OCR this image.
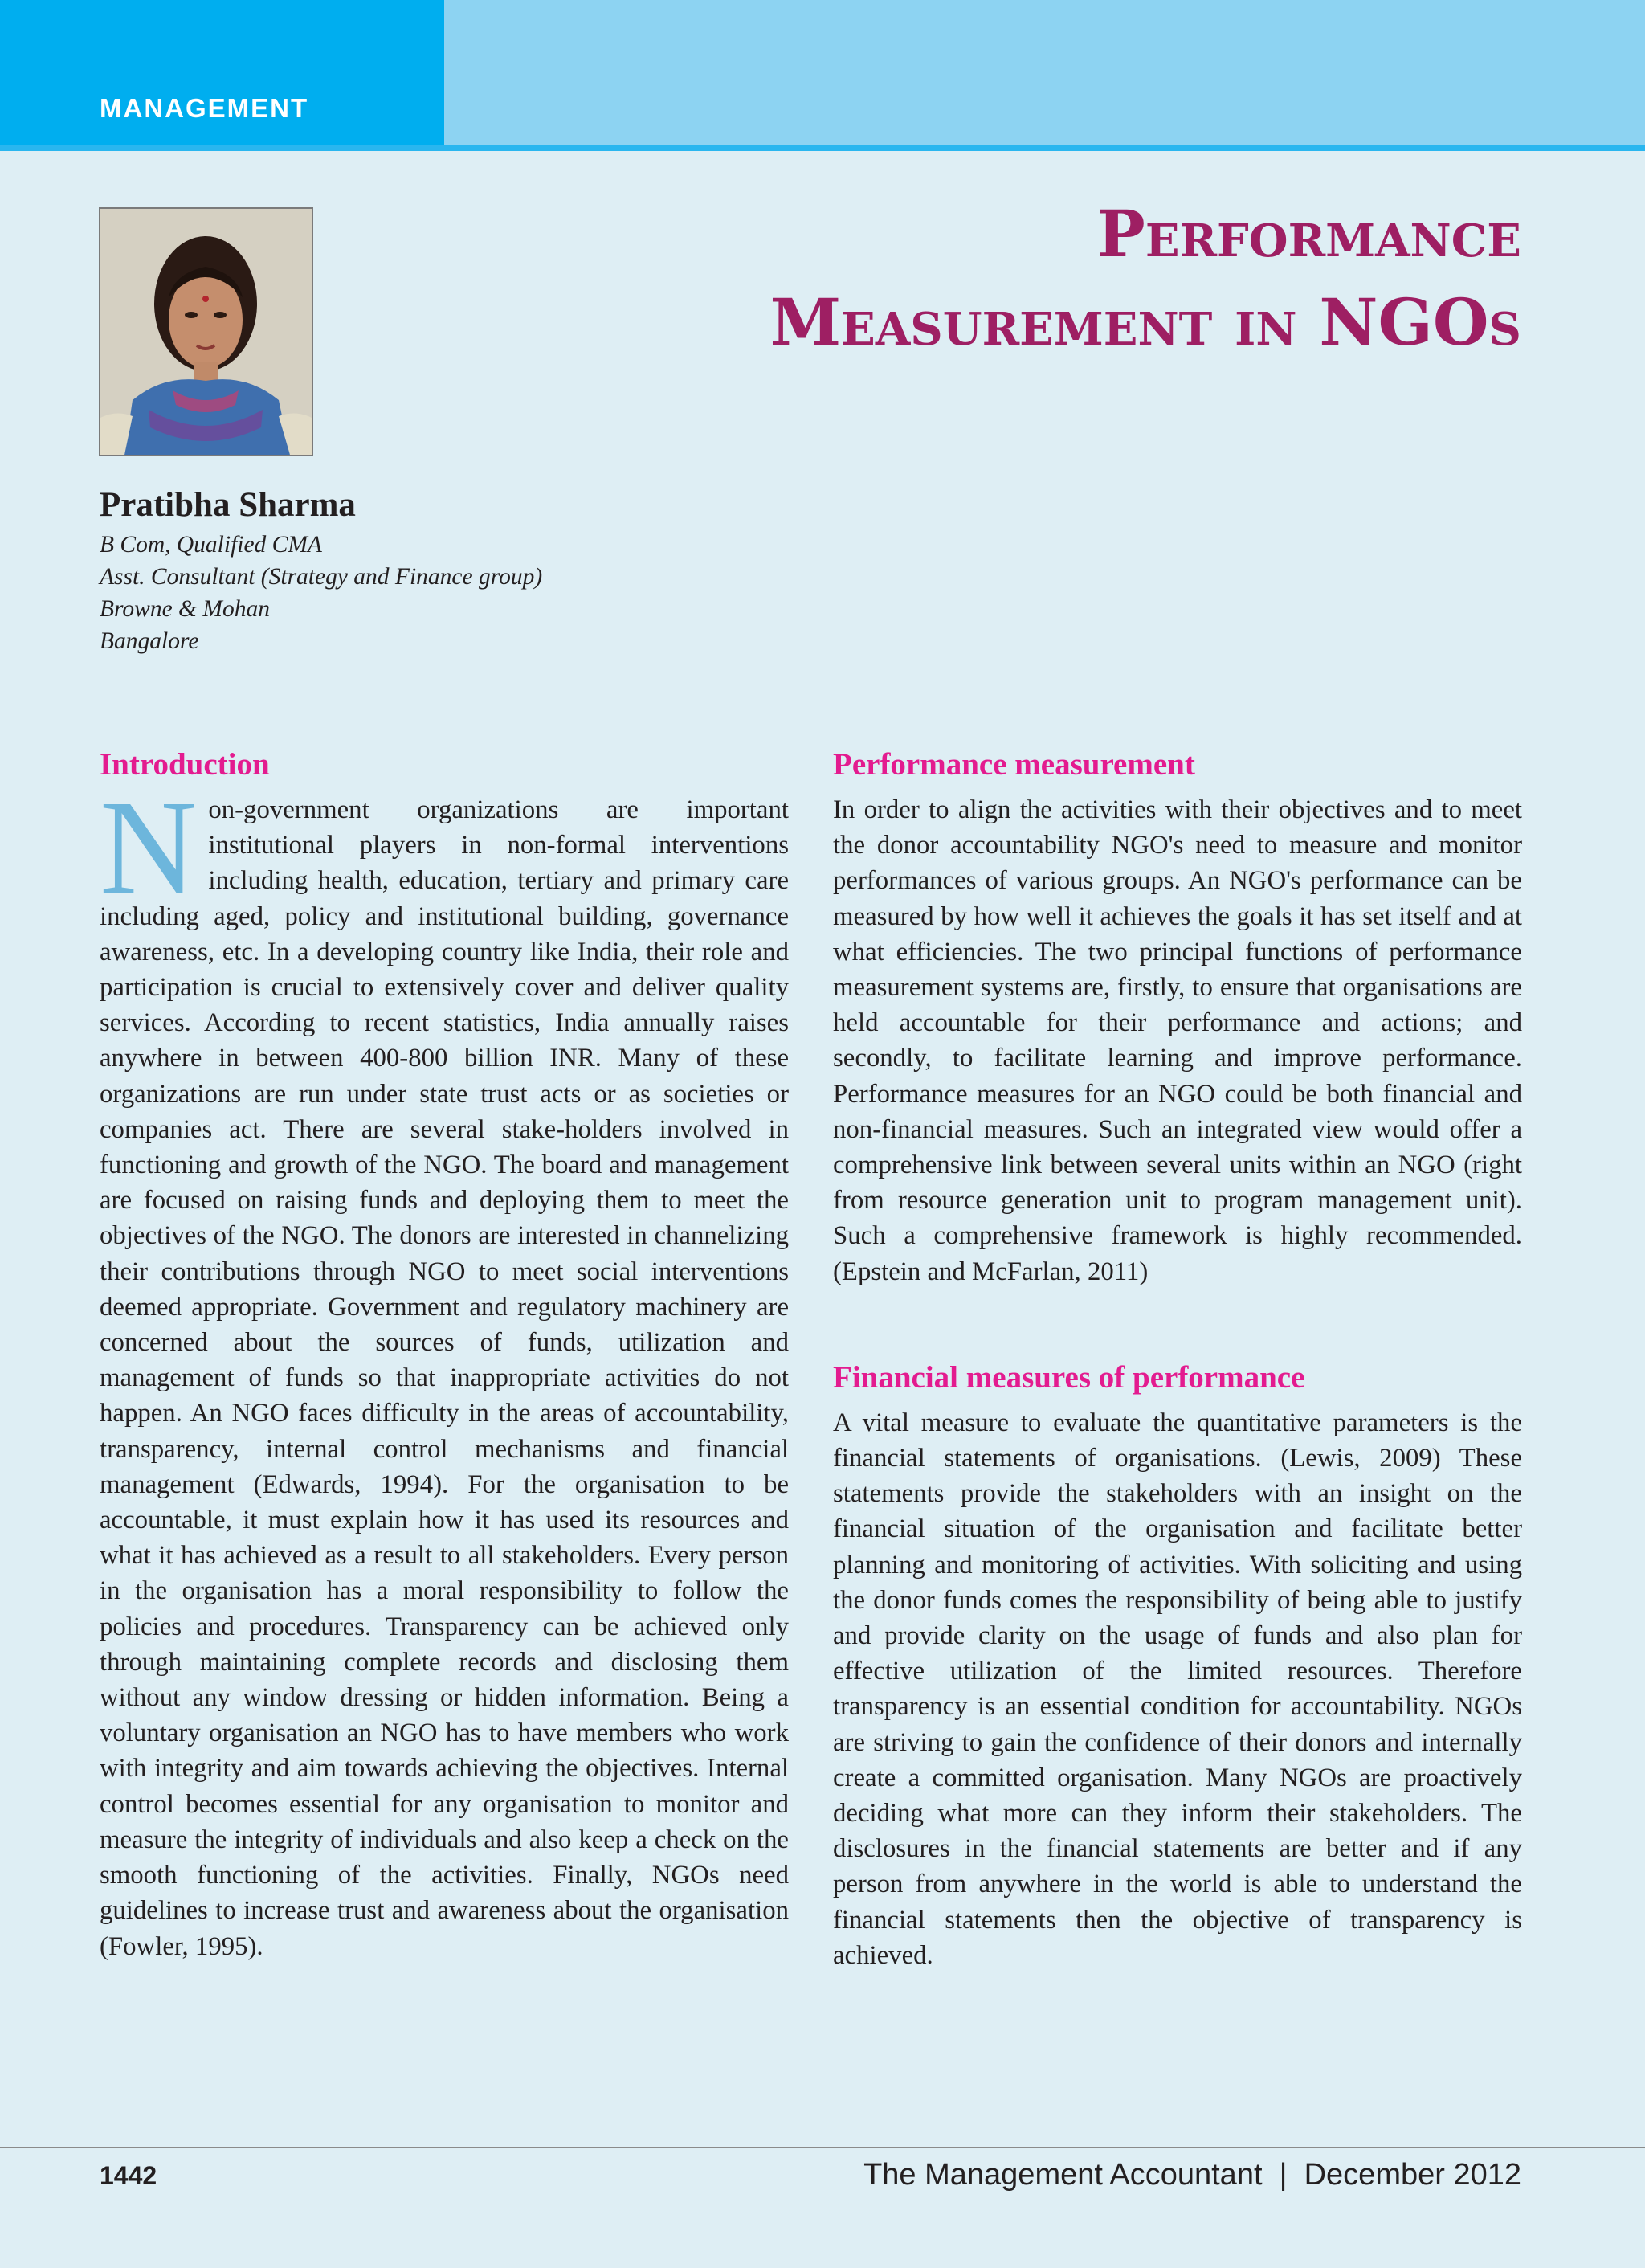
MANAGEMENT
Performance
Measurement in NGOs
Pratibha Sharma
B Com, Qualified CMA
Asst. Consultant (Strategy and Finance group)
Browne & Mohan
Bangalore
Introduction

Non-government organizations are important institutional players in non-formal interventions including health, education, tertiary and primary care including aged, policy and institutional building, governance awareness, etc. In a developing country like India, their role and participation is crucial to extensively cover and deliver quality services. According to recent statistics, India annually raises anywhere in between 400-800 billion INR. Many of these organizations are run under state trust acts or as societies or companies act. There are several stake-holders involved in functioning and growth of the NGO. The board and management are focused on raising funds and deploying them to meet the objectives of the NGO. The donors are interested in channelizing their contributions through NGO to meet social interventions deemed appropriate. Government and regulatory machinery are concerned about the sources of funds, utilization and management of funds so that inappropriate activities do not happen. An NGO faces difficulty in the areas of accountability, transparency, internal control mechanisms and financial management (Edwards, 1994). For the organisation to be accountable, it must explain how it has used its resources and what it has achieved as a result to all stakeholders. Every person in the organisation has a moral responsibility to follow the policies and procedures. Transparency can be achieved only through maintaining complete records and disclosing them without any window dressing or hidden information. Being a voluntary organisation an NGO has to have members who work with integrity and aim towards achieving the objectives. Internal control becomes essential for any organisation to monitor and measure the integrity of individuals and also keep a check on the smooth functioning of the activities. Finally, NGOs need guidelines to increase trust and awareness about the organisation (Fowler, 1995).

Performance measurement

In order to align the activities with their objectives and to meet the donor accountability NGO's need to measure and monitor performances of various groups. An NGO's performance can be measured by how well it achieves the goals it has set itself and at what efficiencies. The two principal functions of performance measurement systems are, firstly, to ensure that organisations are held accountable for their performance and actions; and secondly, to facilitate learning and improve performance. Performance measures for an NGO could be both financial and non-financial measures. Such an integrated view would offer a comprehensive link between several units within an NGO (right from resource generation unit to program management unit). Such a comprehensive framework is highly recommended. (Epstein and McFarlan, 2011)

Financial measures of performance

A vital measure to evaluate the quantitative parameters is the financial statements of organisations. (Lewis, 2009) These statements provide the stakeholders with an insight on the financial situation of the organisation and facilitate better planning and monitoring of activities. With soliciting and using the donor funds comes the responsibility of being able to justify and provide clarity on the usage of funds and also plan for effective utilization of the limited resources. Therefore transparency is an essential condition for accountability. NGOs are striving to gain the confidence of their donors and internally create a committed organisation. Many NGOs are proactively deciding what more can they inform their stakeholders. The disclosures in the financial statements are better and if any person from anywhere in the world is able to understand the financial statements then the objective of transparency is achieved.

1442	The Management Accountant  |  December 2012
